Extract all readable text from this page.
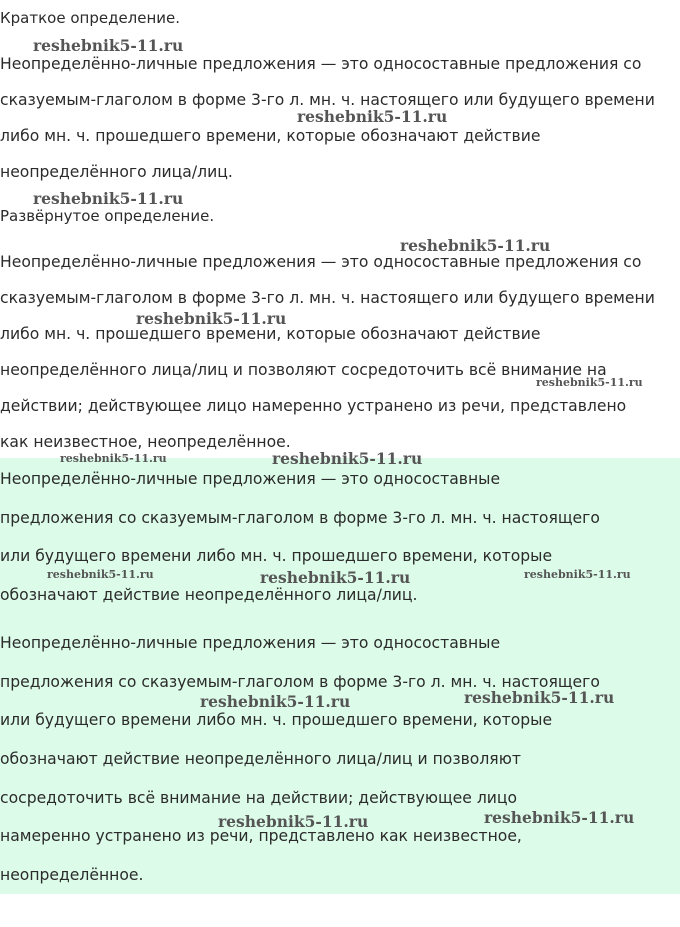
Краткое определение.
Неопределённо-личные предложения — это односоставные предложения со
сказуемым-глаголом в форме 3-го л. мн. ч. настоящего или будущего времени
либо мн. ч. прошедшего времени, которые обозначают действие
неопределённого лица/лиц.
Развёрнутое определение.
Неопределённо-личные предложения — это односоставные предложения со
сказуемым-глаголом в форме 3-го л. мн. ч. настоящего или будущего времени
либо мн. ч. прошедшего времени, которые обозначают действие
неопределённого лица/лиц и позволяют сосредоточить всё внимание на
действии; действующее лицо намеренно устранено из речи, представлено
как неизвестное, неопределённое.
Неопределённо-личные предложения — это односоставные
предложения со сказуемым-глаголом в форме 3-го л. мн. ч. настоящего
или будущего времени либо мн. ч. прошедшего времени, которые
обозначают действие неопределённого лица/лиц.
Неопределённо-личные предложения — это односоставные
предложения со сказуемым-глаголом в форме 3-го л. мн. ч. настоящего
или будущего времени либо мн. ч. прошедшего времени, которые
обозначают действие неопределённого лица/лиц и позволяют
сосредоточить всё внимание на действии; действующее лицо
намеренно устранено из речи, представлено как неизвестное,
неопределённое.
reshebnik5-11.ru
reshebnik5-11.ru
reshebnik5-11.ru
reshebnik5-11.ru
reshebnik5-11.ru
reshebnik5-11.ru
reshebnik5-11.ru	reshebnik5-11.ru
reshebnik5-11.ru	reshebnik5-11.ru	reshebnik5-11.ru
reshebnik5-11.ru	reshebnik5-11.ru
reshebnik5-11.ru	reshebnik5-11.ru
